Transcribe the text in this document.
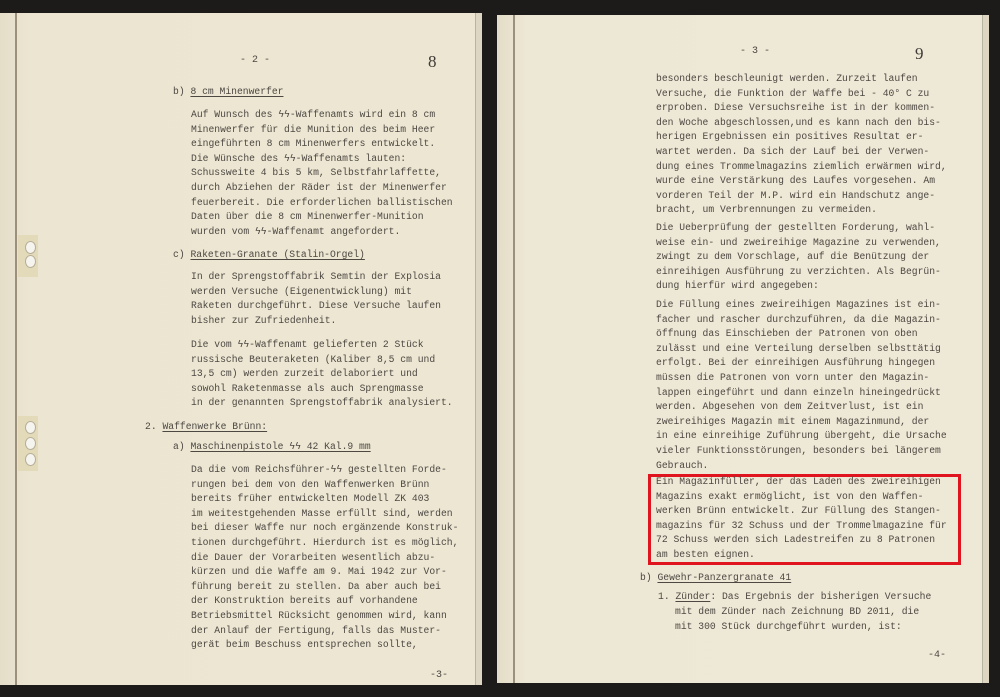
- 2 -	8
b) 8 cm Minenwerfer
Auf Wunsch des ϟϟ-Waffenamts wird ein 8 cm
Minenwerfer für die Munition des beim Heer
eingeführten 8 cm Minenwerfers entwickelt.
Die Wünsche des ϟϟ-Waffenamts lauten:
Schussweite 4 bis 5 km, Selbstfahrlaffette,
durch Abziehen der Räder ist der Minenwerfer
feuerbereit. Die erforderlichen ballistischen
Daten über die 8 cm Minenwerfer-Munition
wurden vom ϟϟ-Waffenamt angefordert.
c) Raketen-Granate (Stalin-Orgel)
In der Sprengstoffabrik Semtin der Explosia
werden Versuche (Eigenentwicklung) mit
Raketen durchgeführt. Diese Versuche laufen
bisher zur Zufriedenheit.
Die vom ϟϟ-Waffenamt gelieferten 2 Stück
russische Beuteraketen (Kaliber 8,5 cm und
13,5 cm) werden zurzeit delaboriert und
sowohl Raketenmasse als auch Sprengmasse
in der genannten Sprengstoffabrik analysiert.
2. Waffenwerke Brünn:
a) Maschinenpistole ϟϟ 42 Kal.9 mm
Da die vom Reichsführer-ϟϟ gestellten Forde-
rungen bei dem von den Waffenwerken Brünn
bereits früher entwickelten Modell ZK 403
im weitestgehenden Masse erfüllt sind, werden
bei dieser Waffe nur noch ergänzende Konstruk-
tionen durchgeführt. Hierdurch ist es möglich,
die Dauer der Vorarbeiten wesentlich abzu-
kürzen und die Waffe am 9. Mai 1942 zur Vor-
führung bereit zu stellen. Da aber auch bei
der Konstruktion bereits auf vorhandene
Betriebsmittel Rücksicht genommen wird, kann
der Anlauf der Fertigung, falls das Muster-
gerät beim Beschuss entsprechen sollte,
-3-
- 3 -	9
besonders beschleunigt werden. Zurzeit laufen
Versuche, die Funktion der Waffe bei - 40° C zu
erproben. Diese Versuchsreihe ist in der kommen-
den Woche abgeschlossen,und es kann nach den bis-
herigen Ergebnissen ein positives Resultat er-
wartet werden. Da sich der Lauf bei der Verwen-
dung eines Trommelmagazins ziemlich erwärmen wird,
wurde eine Verstärkung des Laufes vorgesehen. Am
vorderen Teil der M.P. wird ein Handschutz ange-
bracht, um Verbrennungen zu vermeiden.
Die Ueberprüfung der gestellten Forderung, wahl-
weise ein- und zweireihige Magazine zu verwenden,
zwingt zu dem Vorschlage, auf die Benützung der
einreihigen Ausführung zu verzichten. Als Begrün-
dung hierfür wird angegeben:
Die Füllung eines zweireihigen Magazines ist ein-
facher und rascher durchzuführen, da die Magazin-
öffnung das Einschieben der Patronen von oben
zulässt und eine Verteilung derselben selbsttätig
erfolgt. Bei der einreihigen Ausführung hingegen
müssen die Patronen von vorn unter den Magazin-
lappen eingeführt und dann einzeln hineingedrückt
werden. Abgesehen von dem Zeitverlust, ist ein
zweireihiges Magazin mit einem Magazinmund, der
in eine einreihige Zuführung übergeht, die Ursache
vieler Funktionsstörungen, besonders bei längerem
Gebrauch.
Ein Magazinfüller, der das Laden des zweireihigen
Magazins exakt ermöglicht, ist von den Waffen-
werken Brünn entwickelt. Zur Füllung des Stangen-
magazins für 32 Schuss und der Trommelmagazine für
72 Schuss werden sich Ladestreifen zu 8 Patronen
am besten eignen.
b) Gewehr-Panzergranate 41
1. Zünder: Das Ergebnis der bisherigen Versuche
mit dem Zünder nach Zeichnung BD 2011, die
mit 300 Stück durchgeführt wurden, ist:
-4-
